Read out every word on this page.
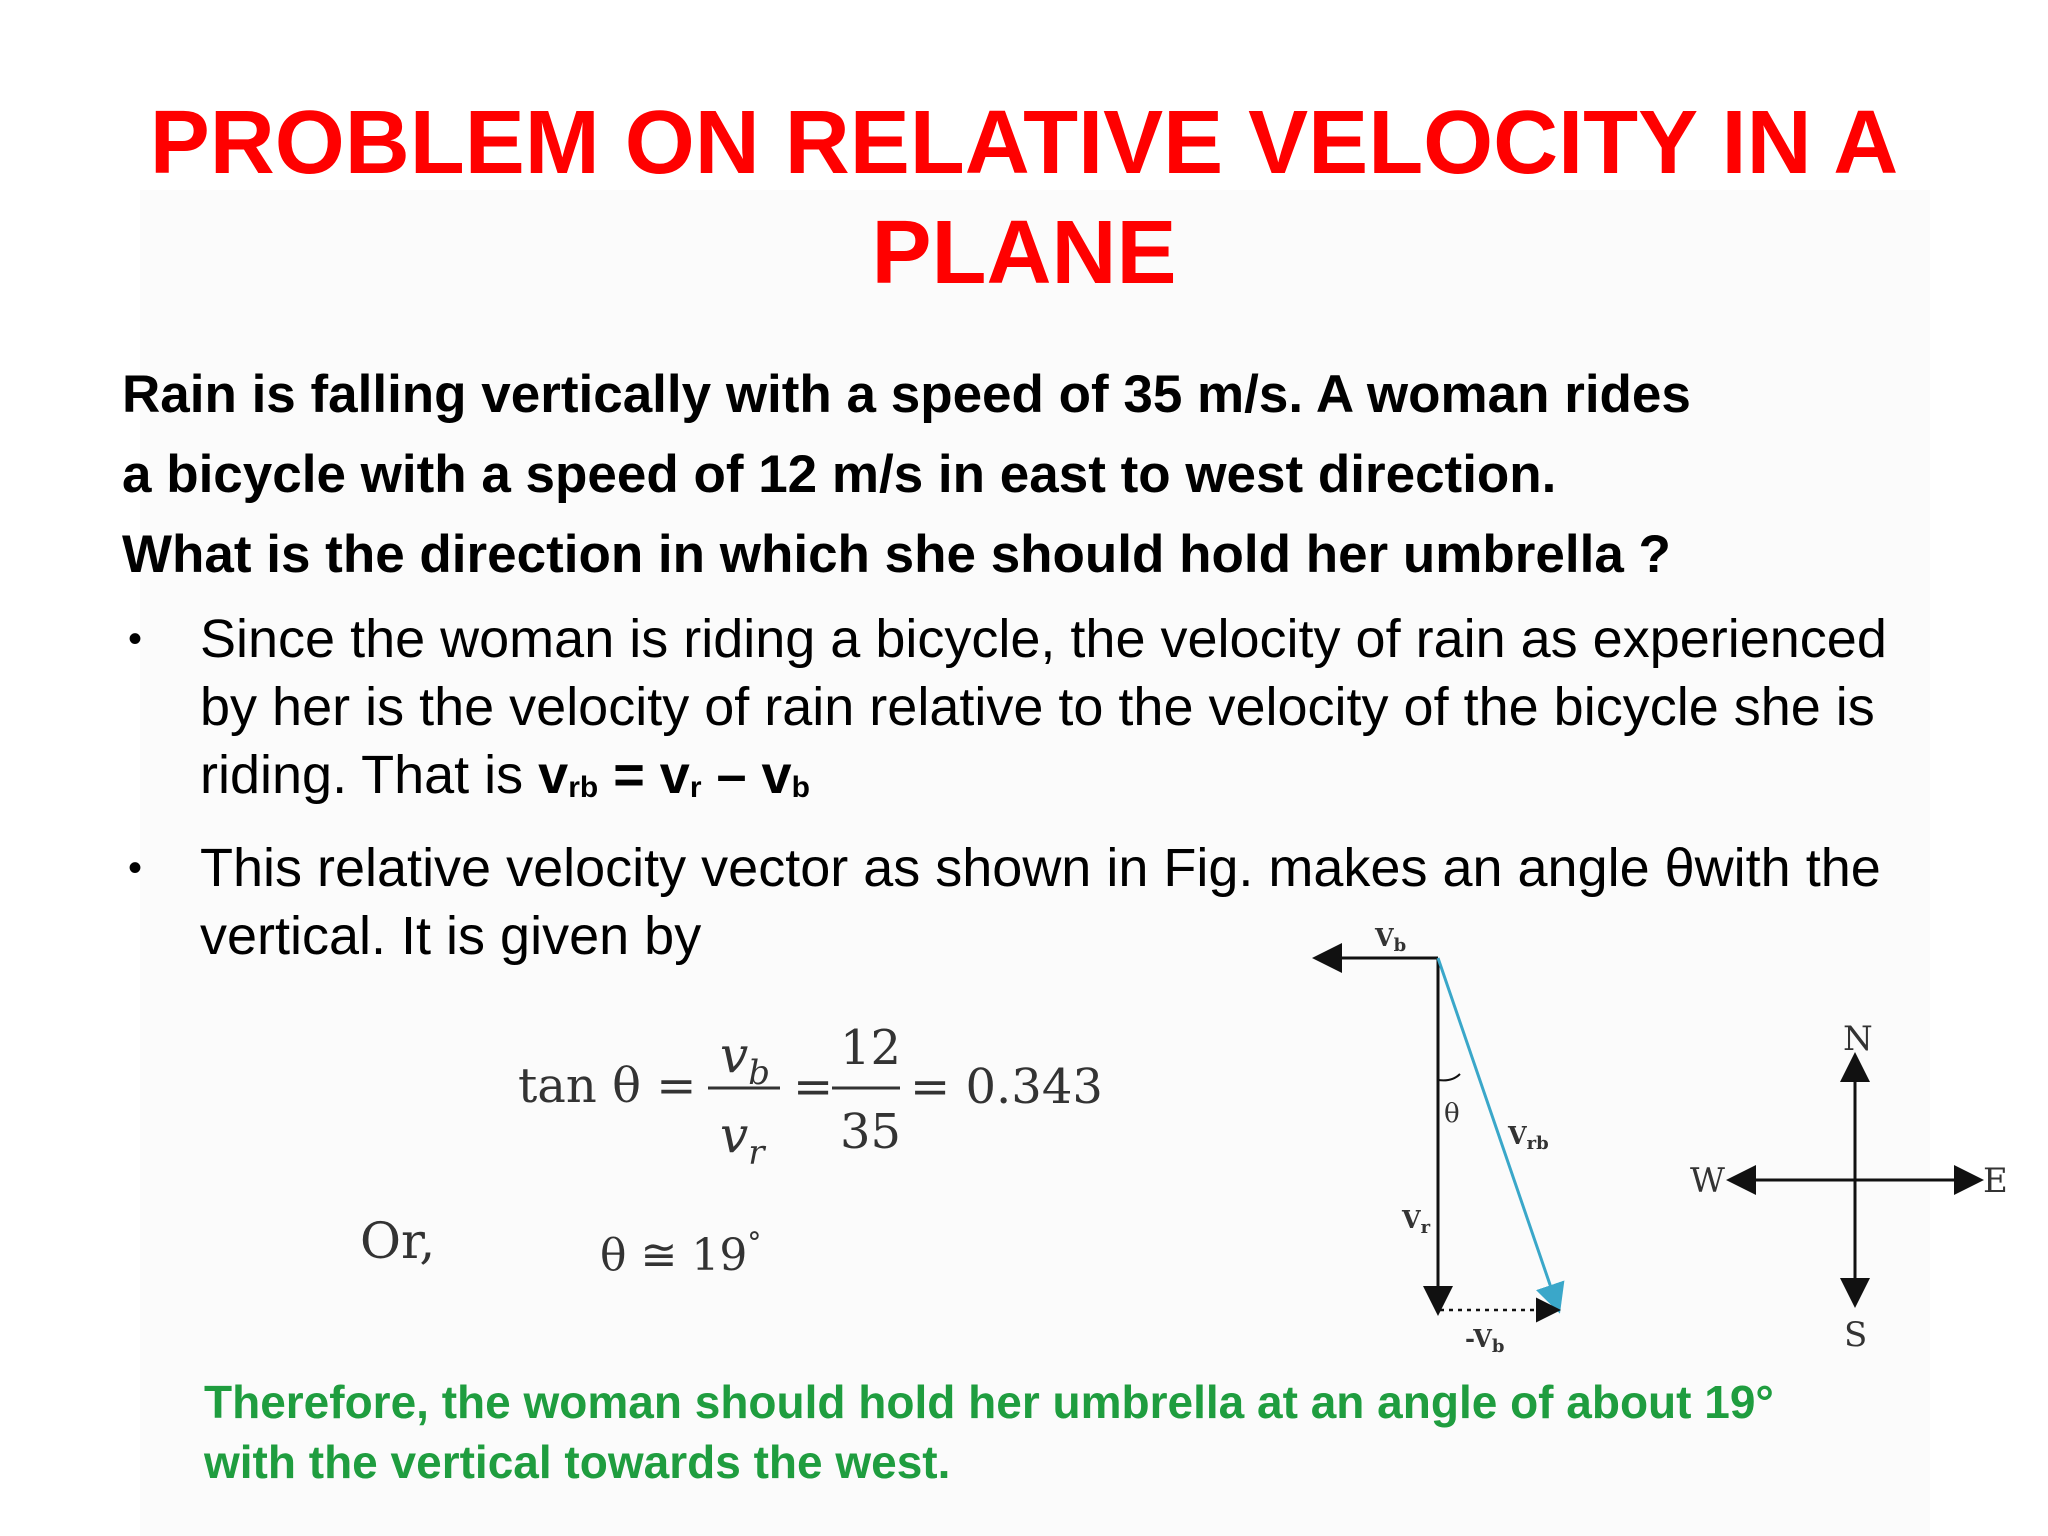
PROBLEM ON RELATIVE VELOCITY IN A
PLANE

Rain is falling vertically with a speed of 35 m/s. A woman rides
a bicycle with a speed of 12 m/s in east to west direction.
What is the direction in which she should hold her umbrella ?

• Since the woman is riding a bicycle, the velocity of rain as experienced by her is the velocity of rain relative to the velocity of the bicycle she is riding. That is $v_{rb} = v_r - v_b$
• This relative velocity vector as shown in Fig. makes an angle θwith the vertical. It is given by
tan θ =
$v_b$
$v_r$
=
12
35
= 0.343
θ ≅ 19°
Or,
$V_b$
$V_r$
$V_{rb}$
θ
$-V_b$
N
S
E
W
Therefore, the woman should hold her umbrella at an angle of about 19°
with the vertical towards the west.
